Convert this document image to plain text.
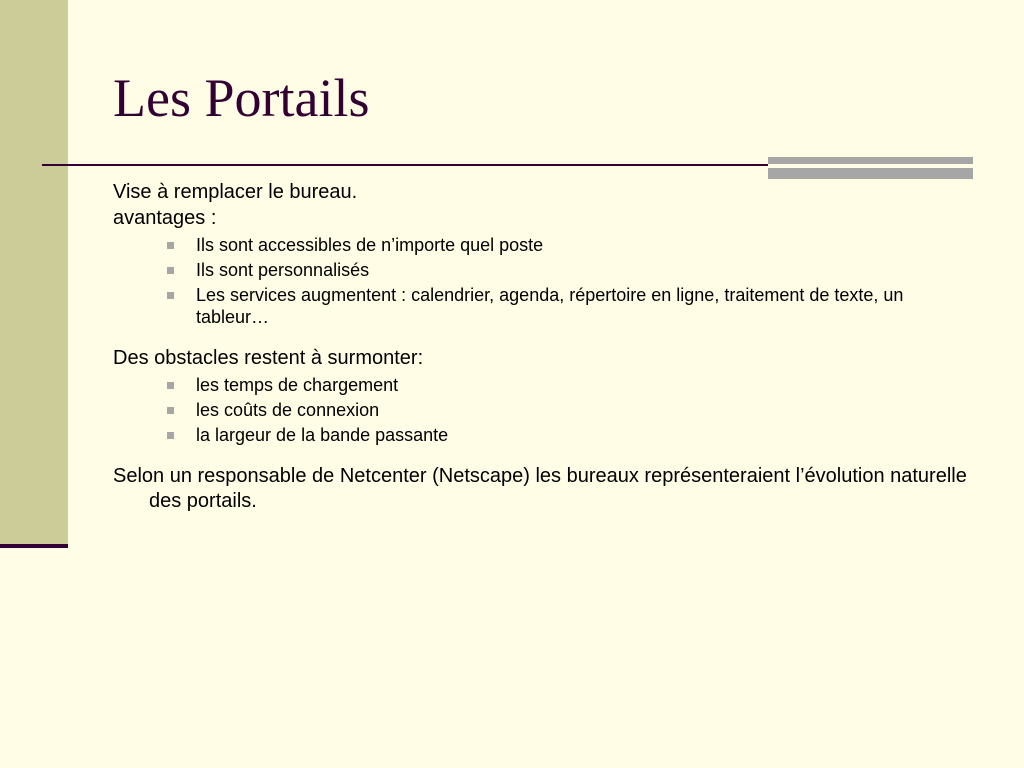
Les Portails

Vise à remplacer le bureau.

avantages :

Ils sont accessibles de n’importe quel poste
Ils sont personnalisés
Les services augmentent : calendrier, agenda, répertoire en ligne, traitement de texte, un tableur…

Des obstacles restent à surmonter:

les temps de chargement
les coûts de connexion
la largeur de la bande passante

Selon un responsable de Netcenter (Netscape) les bureaux représenteraient l’évolution naturelle des portails.
